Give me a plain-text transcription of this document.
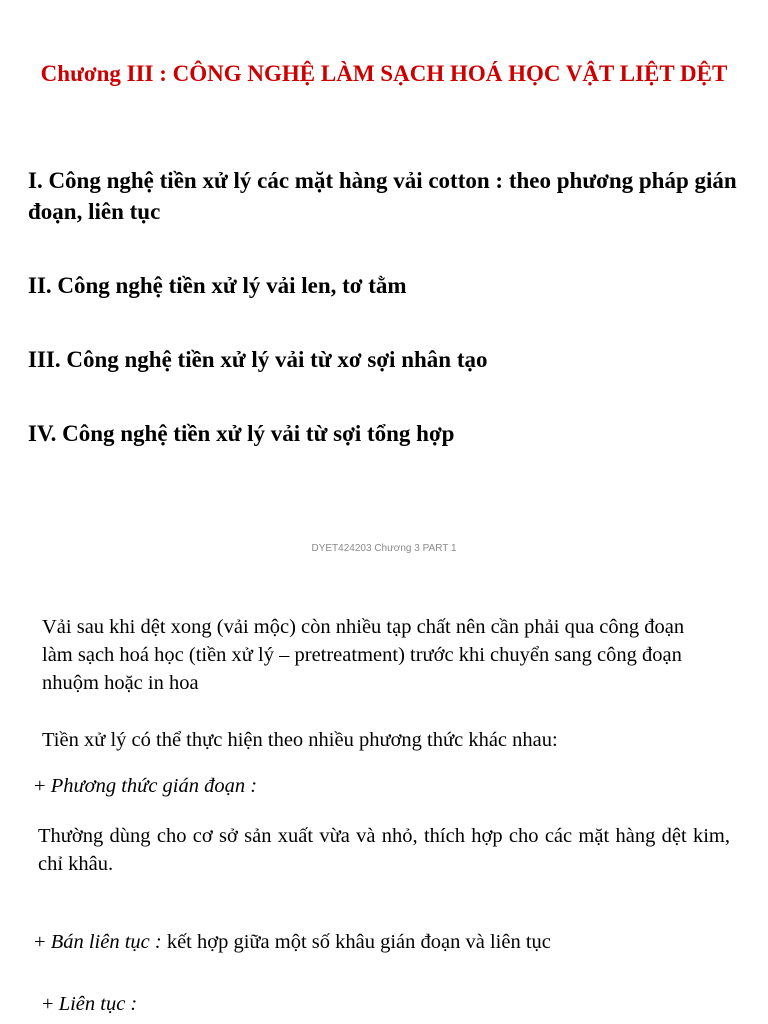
Chương III : CÔNG NGHỆ LÀM SẠCH HOÁ HỌC VẬT LIỆT DỆT
I. Công nghệ tiền xử lý các mặt hàng vải cotton : theo phương pháp gián đoạn, liên tục
II. Công nghệ tiền xử lý vải len, tơ tằm
III. Công nghệ tiền xử lý vải từ xơ sợi nhân tạo
IV. Công nghệ tiền xử lý vải từ sợi tổng hợp
DYET424203 Chương 3 PART 1
Vải sau khi dệt xong (vải mộc) còn nhiều tạp chất nên cần phải qua công đoạn làm sạch hoá học (tiền xử lý – pretreatment) trước khi chuyển sang công đoạn nhuộm hoặc in hoa
Tiền xử lý có thể thực hiện theo nhiều phương thức khác nhau:
+ Phương thức gián đoạn :
Thường dùng cho cơ sở sản xuất vừa và nhỏ, thích hợp cho các mặt hàng dệt kim, chỉ khâu.
+ Bán liên tục : kết hợp giữa một số khâu gián đoạn và liên tục
+ Liên tục :
